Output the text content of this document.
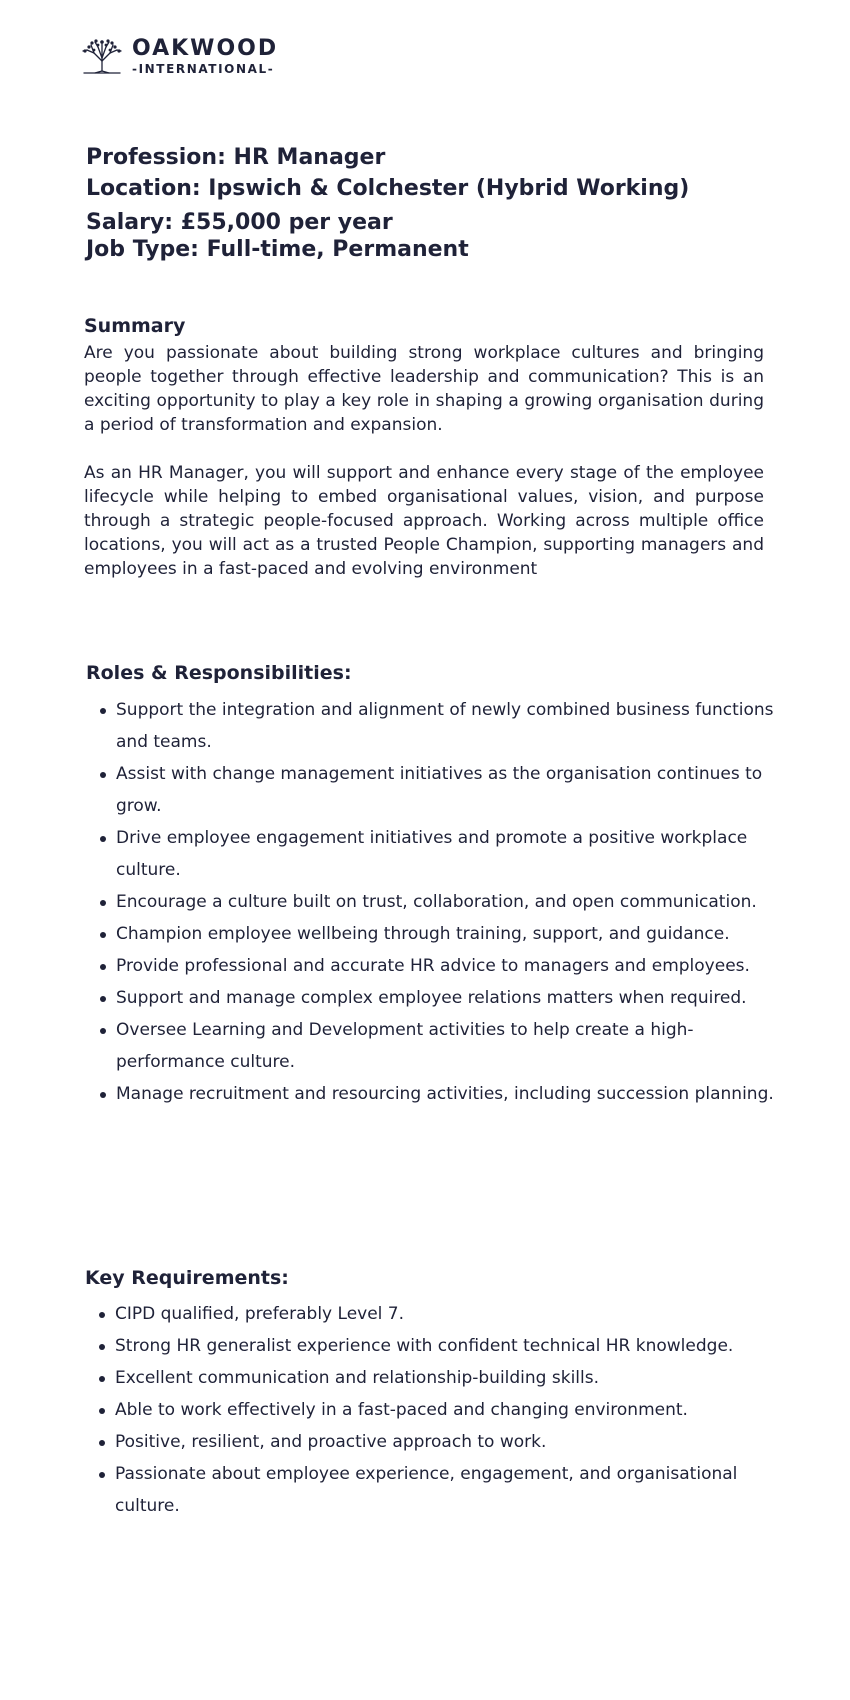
OAKWOOD
-INTERNATIONAL-
Profession: HR Manager
Location: Ipswich & Colchester (Hybrid Working)
Salary: £55,000 per year
Job Type: Full-time, Permanent
Summary
Are you passionate about building strong workplace cultures and bringing people together through effective leadership and communication? This is an exciting opportunity to play a key role in shaping a growing organisation during a period of transformation and expansion.
As an HR Manager, you will support and enhance every stage of the employee lifecycle while helping to embed organisational values, vision, and purpose through a strategic people-focused approach. Working across multiple office locations, you will act as a trusted People Champion, supporting managers and employees in a fast-paced and evolving environment
Roles & Responsibilities:
Support the integration and alignment of newly combined business functions and teams.
Assist with change management initiatives as the organisation continues to grow.
Drive employee engagement initiatives and promote a positive workplace culture.
Encourage a culture built on trust, collaboration, and open communication.
Champion employee wellbeing through training, support, and guidance.
Provide professional and accurate HR advice to managers and employees.
Support and manage complex employee relations matters when required.
Oversee Learning and Development activities to help create a high-performance culture.
Manage recruitment and resourcing activities, including succession planning.
Key Requirements:
CIPD qualified, preferably Level 7.
Strong HR generalist experience with confident technical HR knowledge.
Excellent communication and relationship-building skills.
Able to work effectively in a fast-paced and changing environment.
Positive, resilient, and proactive approach to work.
Passionate about employee experience, engagement, and organisational culture.
